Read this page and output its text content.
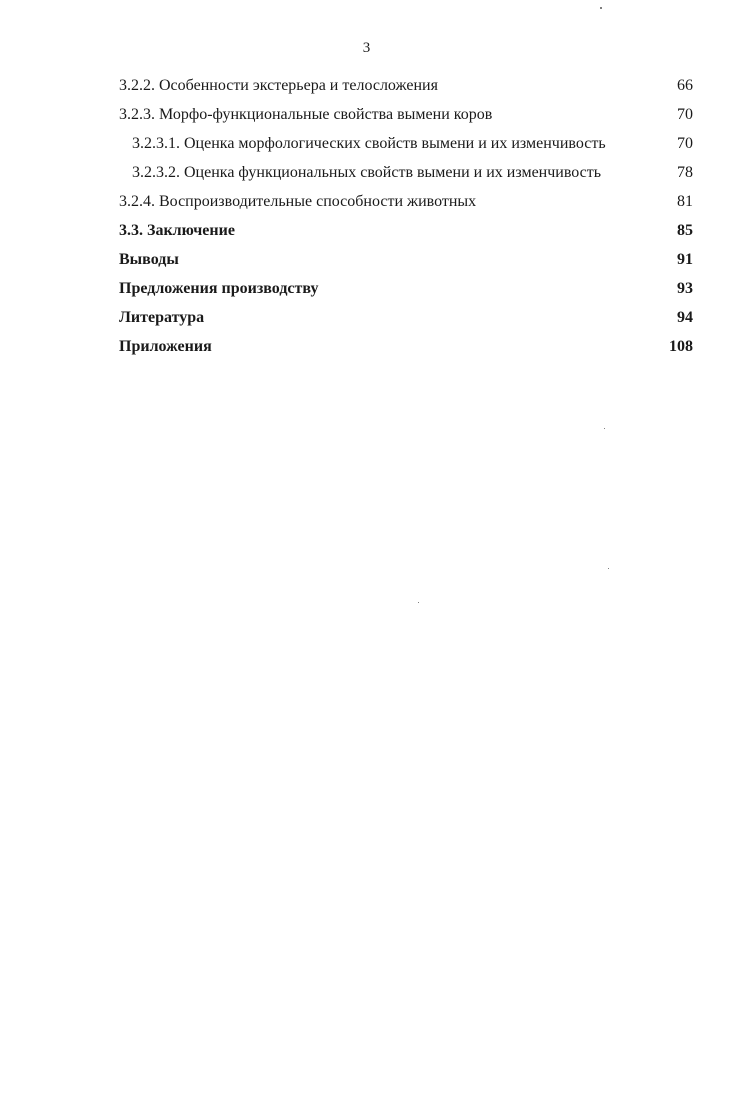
3
3.2.2. Особенности экстерьера и телосложения	66
3.2.3. Морфо-функциональные свойства вымени коров	70
3.2.3.1. Оценка морфологических свойств вымени и их изменчивость	70
3.2.3.2. Оценка функциональных свойств вымени и их изменчивость	78
3.2.4. Воспроизводительные способности животных	81
3.3. Заключение	85
Выводы	91
Предложения производству	93
Литература	94
Приложения	108
